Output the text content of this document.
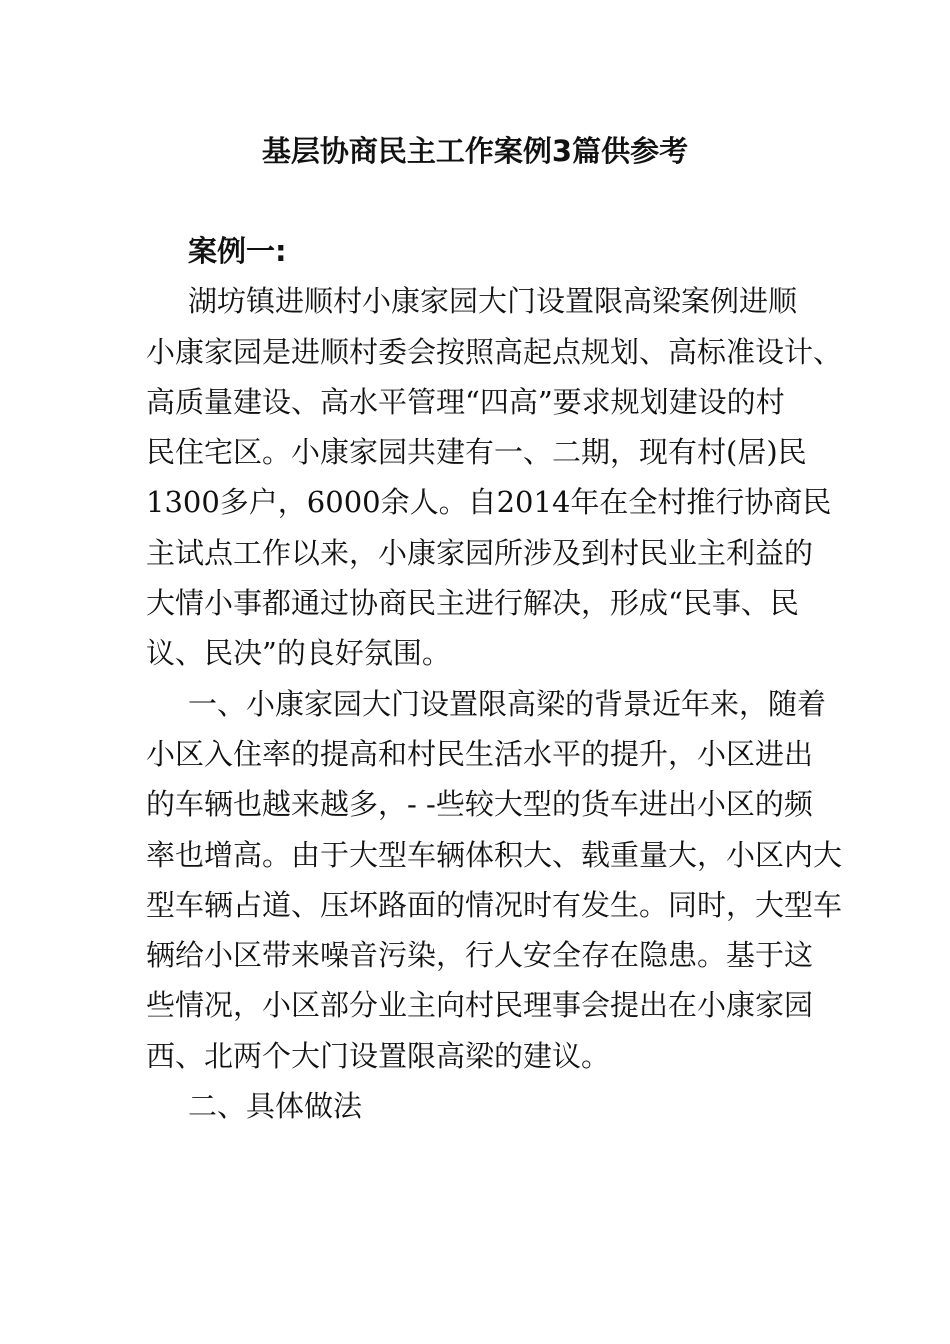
基层协商民主工作案例3篇供参考

案例一:

湖坊镇进顺村小康家园大门设置限高梁案例进顺

小康家园是进顺村委会按照高起点规划、高标准设计、

高质量建设、高水平管理“四高”要求规划建设的村

民住宅区。小康家园共建有一、二期，现有村(居)民

1300多户，6000余人。自2014年在全村推行协商民

主试点工作以来，小康家园所涉及到村民业主利益的

大情小事都通过协商民主进行解决，形成“民事、民

议、民决”的良好氛围。

一、小康家园大门设置限高梁的背景近年来，随着

小区入住率的提高和村民生活水平的提升，小区进出

的车辆也越来越多，- -些较大型的货车进出小区的频

率也增高。由于大型车辆体积大、载重量大，小区内大

型车辆占道、压坏路面的情况时有发生。同时，大型车

辆给小区带来噪音污染，行人安全存在隐患。基于这

些情况，小区部分业主向村民理事会提出在小康家园

西、北两个大门设置限高梁的建议。

二、具体做法
